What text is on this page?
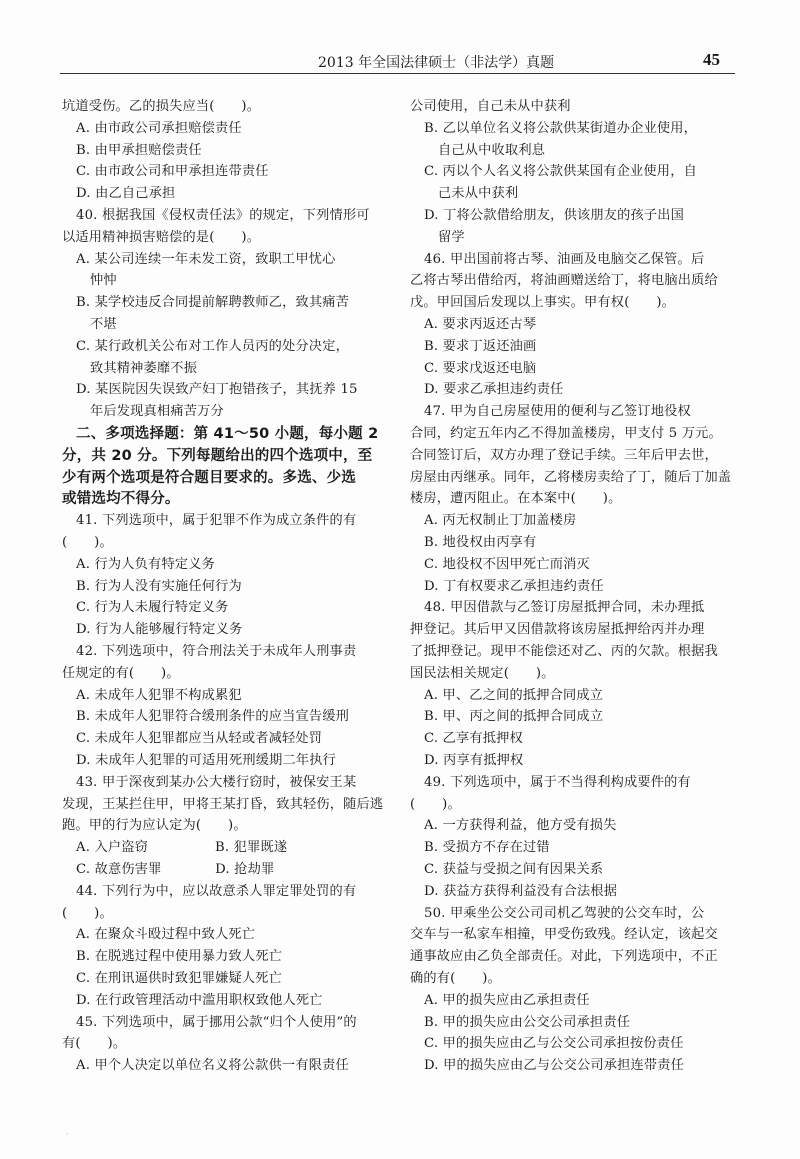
2013 年全国法律硕士（非法学）真题	45
坑道受伤。乙的损失应当(　　)。
A. 由市政公司承担赔偿责任
B. 由甲承担赔偿责任
C. 由市政公司和甲承担连带责任
D. 由乙自己承担
40. 根据我国《侵权责任法》的规定，下列情形可
以适用精神损害赔偿的是(　　)。
A. 某公司连续一年未发工资，致职工甲忧心
忡忡
B. 某学校违反合同提前解聘教师乙，致其痛苦
不堪
C. 某行政机关公布对工作人员丙的处分决定，
致其精神萎靡不振
D. 某医院因失误致产妇丁抱错孩子，其抚养 15
年后发现真相痛苦万分
二、多项选择题：第 41～50 小题，每小题 2
分，共 20 分。下列每题给出的四个选项中，至
少有两个选项是符合题目要求的。多选、少选
或错选均不得分。
41. 下列选项中，属于犯罪不作为成立条件的有
(　　)。
A. 行为人负有特定义务
B. 行为人没有实施任何行为
C. 行为人未履行特定义务
D. 行为人能够履行特定义务
42. 下列选项中，符合刑法关于未成年人刑事责
任规定的有(　　)。
A. 未成年人犯罪不构成累犯
B. 未成年人犯罪符合缓刑条件的应当宣告缓刑
C. 未成年人犯罪都应当从轻或者减轻处罚
D. 未成年人犯罪的可适用死刑缓期二年执行
43. 甲于深夜到某办公大楼行窃时，被保安王某
发现，王某拦住甲，甲将王某打昏，致其轻伤，随后逃
跑。甲的行为应认定为(　　)。
A. 入户盗窃　　　　　B. 犯罪既遂
C. 故意伤害罪　　　　D. 抢劫罪
44. 下列行为中，应以故意杀人罪定罪处罚的有
(　　)。
A. 在聚众斗殴过程中致人死亡
B. 在脱逃过程中使用暴力致人死亡
C. 在刑讯逼供时致犯罪嫌疑人死亡
D. 在行政管理活动中滥用职权致他人死亡
45. 下列选项中，属于挪用公款“归个人使用”的
有(　　)。
A. 甲个人决定以单位名义将公款供一有限责任
公司使用，自己未从中获利
B. 乙以单位名义将公款供某街道办企业使用，
自己从中收取利息
C. 丙以个人名义将公款供某国有企业使用，自
己未从中获利
D. 丁将公款借给朋友，供该朋友的孩子出国
留学
46. 甲出国前将古琴、油画及电脑交乙保管。后
乙将古琴出借给丙，将油画赠送给丁，将电脑出质给
戊。甲回国后发现以上事实。甲有权(　　)。
A. 要求丙返还古琴
B. 要求丁返还油画
C. 要求戊返还电脑
D. 要求乙承担违约责任
47. 甲为自己房屋使用的便利与乙签订地役权
合同，约定五年内乙不得加盖楼房，甲支付 5 万元。
合同签订后，双方办理了登记手续。三年后甲去世，
房屋由丙继承。同年，乙将楼房卖给了丁，随后丁加盖
楼房，遭丙阻止。在本案中(　　)。
A. 丙无权制止丁加盖楼房
B. 地役权由丙享有
C. 地役权不因甲死亡而消灭
D. 丁有权要求乙承担违约责任
48. 甲因借款与乙签订房屋抵押合同，未办理抵
押登记。其后甲又因借款将该房屋抵押给丙并办理
了抵押登记。现甲不能偿还对乙、丙的欠款。根据我
国民法相关规定(　　)。
A. 甲、乙之间的抵押合同成立
B. 甲、丙之间的抵押合同成立
C. 乙享有抵押权
D. 丙享有抵押权
49. 下列选项中，属于不当得利构成要件的有
(　　)。
A. 一方获得利益，他方受有损失
B. 受损方不存在过错
C. 获益与受损之间有因果关系
D. 获益方获得利益没有合法根据
50. 甲乘坐公交公司司机乙驾驶的公交车时，公
交车与一私家车相撞，甲受伤致残。经认定，该起交
通事故应由乙负全部责任。对此，下列选项中，不正
确的有(　　)。
A. 甲的损失应由乙承担责任
B. 甲的损失应由公交公司承担责任
C. 甲的损失应由乙与公交公司承担按份责任
D. 甲的损失应由乙与公交公司承担连带责任
·
